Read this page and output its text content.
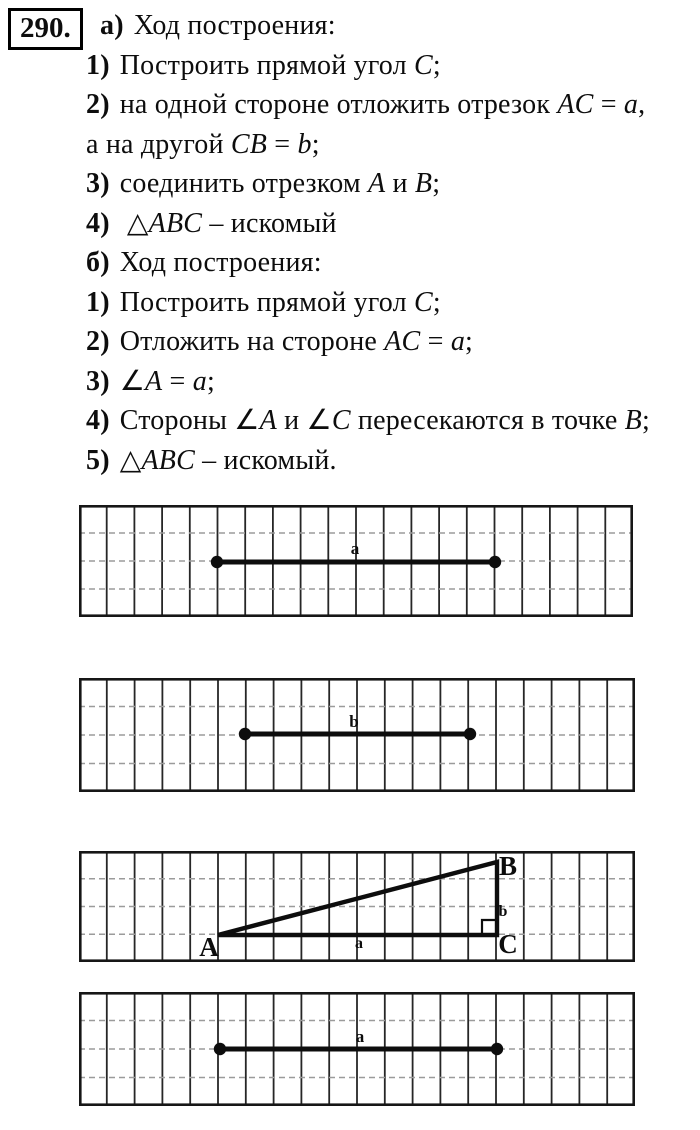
290.	а) Ход построения:
1) Построить прямой угол C;
2) на одной стороне отложить отрезок AC = a,
а на другой CB = b;
3) соединить отрезком A и B;
4) △ABC – искомый
б) Ход построения:
1) Построить прямой угол C;
2) Отложить на стороне AC = a;
3) ∠A = a;
4) Стороны ∠A и ∠C пересекаются в точке B;
5) △ABC – искомый.
a
b
A
B
C
a
b
a
